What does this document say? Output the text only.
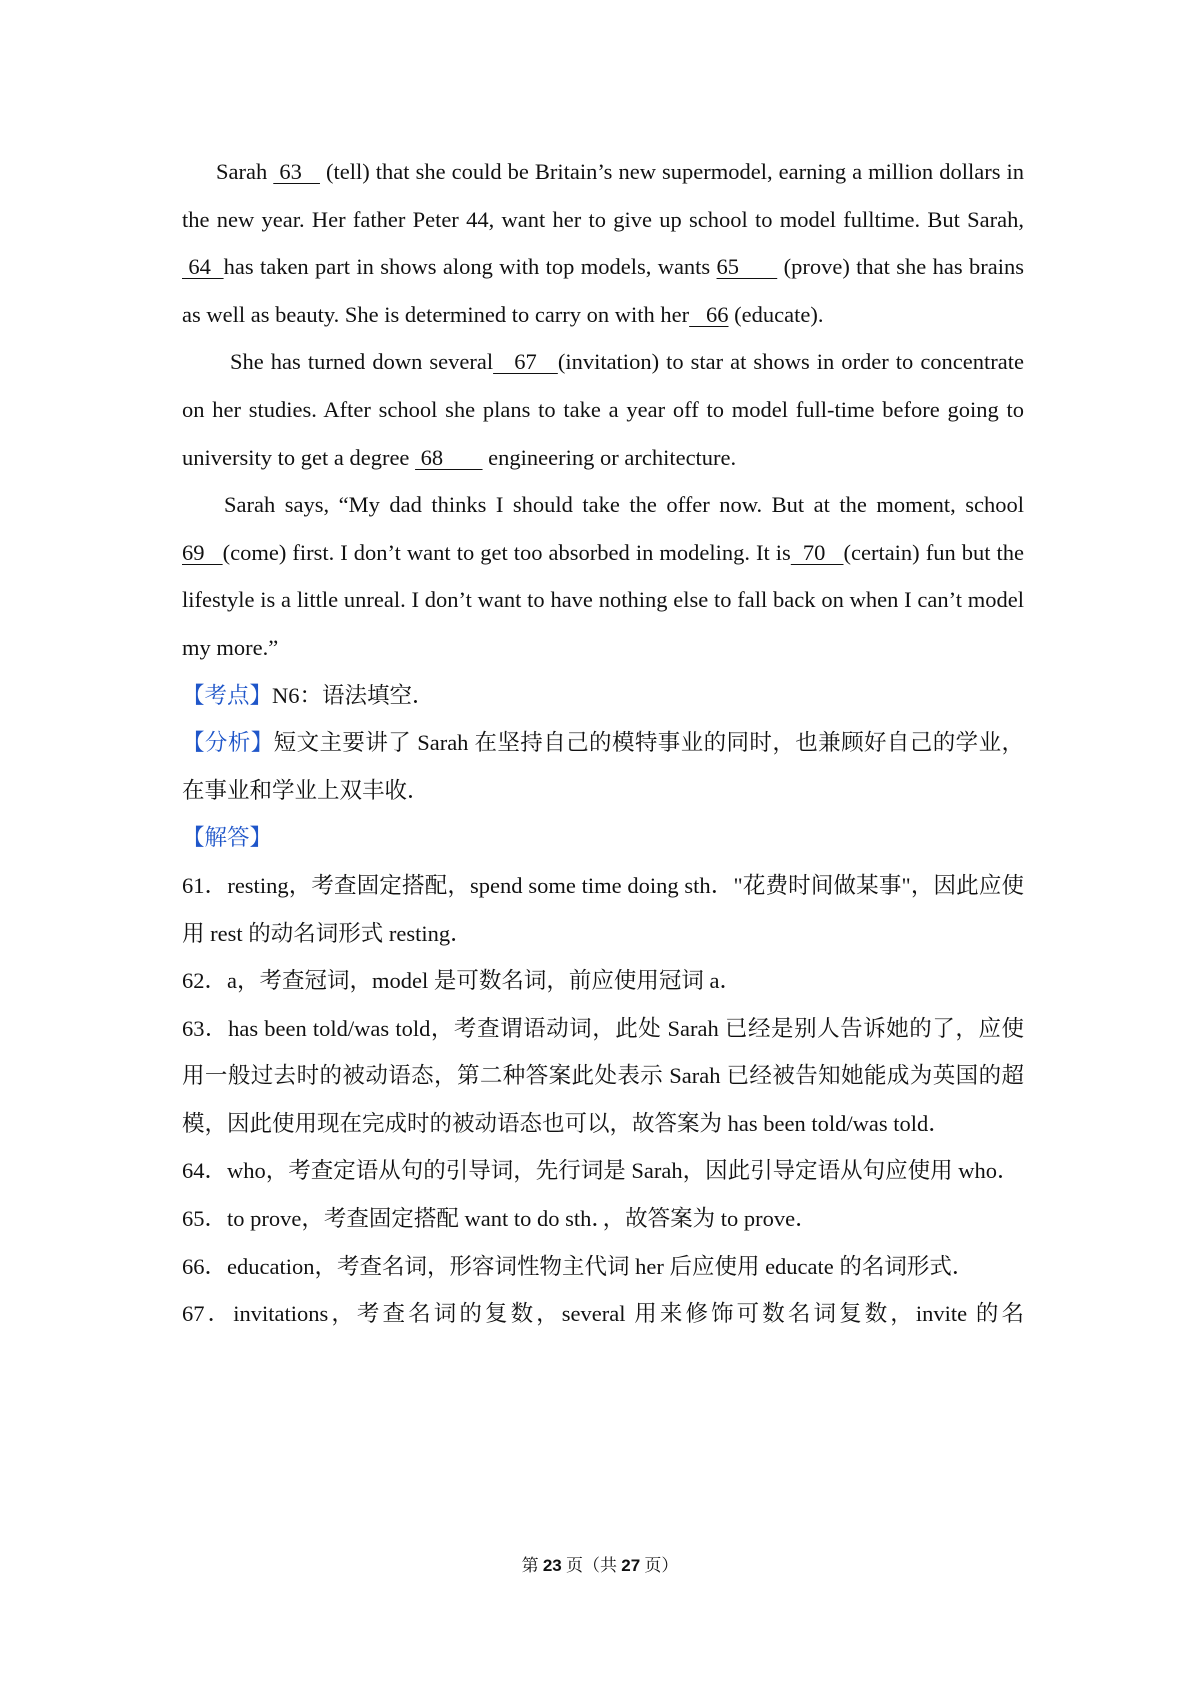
Sarah  63    (tell) that she could be Britain’s new supermodel, earning a million dollars in the new year. Her father Peter 44, want her to give up school to model fulltime. But Sarah,  64  has taken part in shows along with top models, wants 65       (prove) that she has brains as well as beauty. She is determined to carry on with her   66 (educate).

She has turned down several   67   (invitation) to star at shows in order to concentrate on her studies. After school she plans to take a year off to model full-time before going to university to get a degree  68        engineering or architecture.

Sarah says, “My dad thinks I should take the offer now. But at the moment, school 69   (come) first. I don’t want to get too absorbed in modeling. It is  70   (certain) fun but the lifestyle is a little unreal. I don’t want to have nothing else to fall back on when I can’t model my more.”

【考点】N6：语法填空．

【分析】短文主要讲了 Sarah 在坚持自己的模特事业的同时，也兼顾好自己的学业，在事业和学业上双丰收．

【解答】

61．resting，考查固定搭配，spend some time doing sth．"花费时间做某事"，因此应使用 rest 的动名词形式 resting．

62．a，考查冠词，model 是可数名词，前应使用冠词 a．

63．has been told/was told，考查谓语动词，此处 Sarah 已经是别人告诉她的了，应使用一般过去时的被动语态，第二种答案此处表示 Sarah 已经被告知她能成为英国的超模，因此使用现在完成时的被动语态也可以，故答案为 has been told/was told．

64．who，考查定语从句的引导词，先行词是 Sarah，因此引导定语从句应使用 who．

65．to prove，考查固定搭配 want to do sth．，故答案为 to prove．

66．education，考查名词，形容词性物主代词 her 后应使用 educate 的名词形式．

67．invitations，考查名词的复数，several 用来修饰可数名词复数，invite 的名

第 23 页（共 27 页）
